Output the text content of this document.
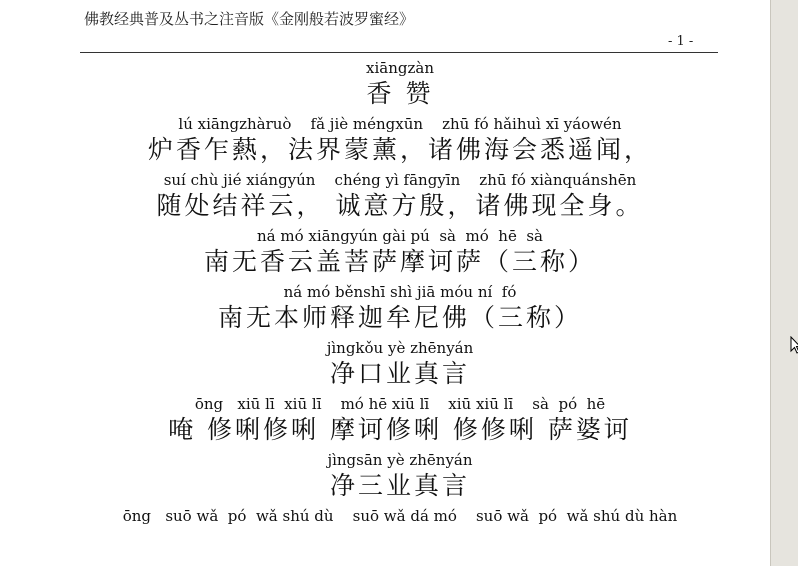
佛教经典普及丛书之注音版《金刚般若波罗蜜经》
- 1 -
xiāngzàn
香 赞
lú xiāngzhàruò    fǎ jiè méngxūn    zhū fó hǎihuì xī yáowén
炉香乍爇，法界蒙薰，诸佛海会悉遥闻，
suí chù jié xiángyún    chéng yì fāngyīn    zhū fó xiànquánshēn
随处结祥云， 诚意方殷，诸佛现全身。
ná mó xiāngyún gài pú  sà  mó  hē  sà
南无香云盖菩萨摩诃萨（三称）
ná mó běnshī shì jiā móu ní  fó
南无本师释迦牟尼佛（三称）
jìngkǒu yè zhēnyán
净口业真言
ōng   xiū lī  xiū lī    mó hē xiū lī    xiū xiū lī    sà  pó  hē
唵 修唎修唎 摩诃修唎 修修唎 萨婆诃
jìngsān yè zhēnyán
净三业真言
ōng   suō wǎ  pó  wǎ shú dù    suō wǎ dá mó    suō wǎ  pó  wǎ shú dù hàn
